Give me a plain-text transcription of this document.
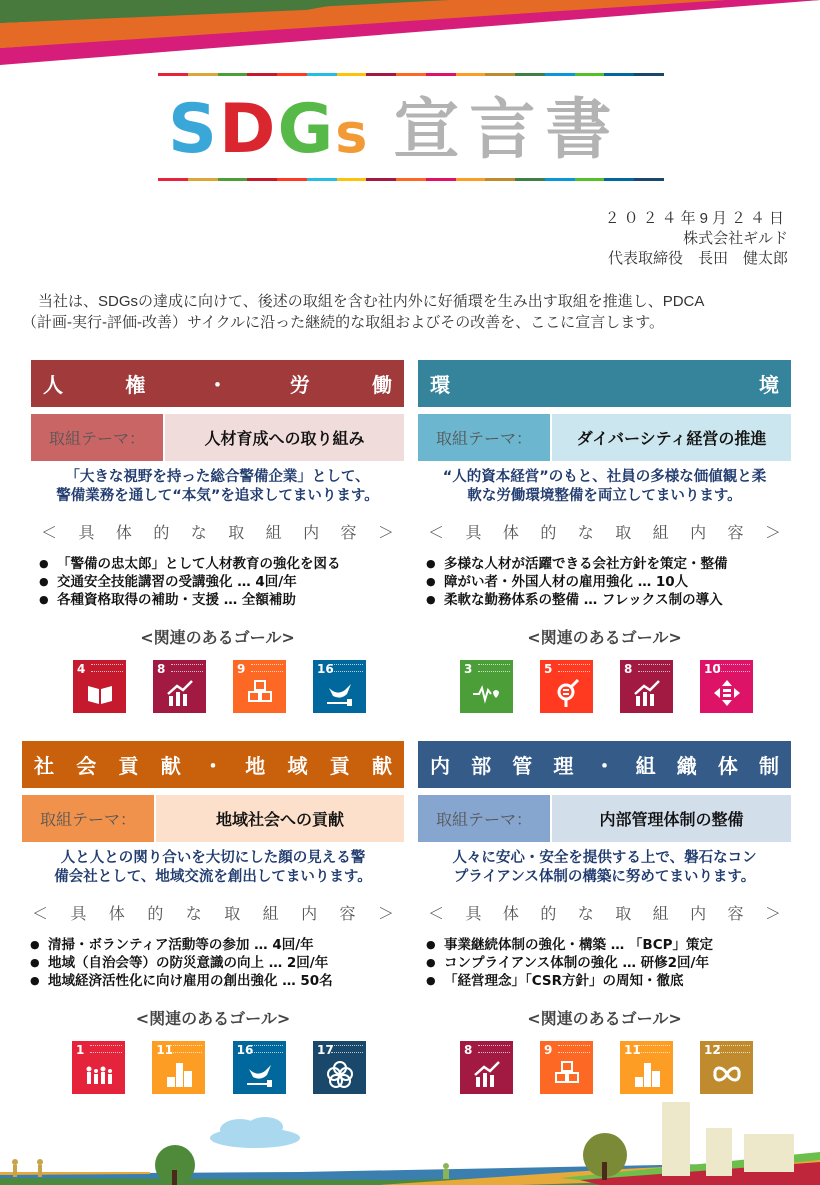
SDGs 宣言書
２０２４年9月２４日
株式会社ギルド
代表取締役　長田　健太郎

当社は、SDGsの達成に向けて、後述の取組を含む社内外に好循環を生み出す取組を推進し、PDCA

（計画-実行-評価-改善）サイクルに沿った継続的な取組およびその改善を、ここに宣言します。

人	権	・	労	働
取組テーマ：	人材育成への取り組み
「大きな視野を持った総合警備企業」として、
警備業務を通して“本気”を追求してまいります。
＜ 具 体 的 な 取 組 内 容 ＞
● 「警備の忠太郎」として人材教育の強化を図る
● 交通安全技能講習の受講強化 … 4回/年
● 各種資格取得の補助・支援 … 全額補助
<関連のあるゴール>
4	8	9	16
環	境
取組テーマ：	ダイバーシティ経営の推進
“人的資本経営”のもと、社員の多様な価値観と柔
軟な労働環境整備を両立してまいります。
＜ 具 体 的 な 取 組 内 容 ＞
● 多様な人材が活躍できる会社方針を策定・整備
● 障がい者・外国人材の雇用強化 … 10人
● 柔軟な勤務体系の整備 … フレックス制の導入
<関連のあるゴール>
3	5	8	10
社 会 貢 献 ・ 地 域 貢 献
取組テーマ：	地域社会への貢献
人と人との関り合いを大切にした顔の見える警
備会社として、地域交流を創出してまいります。
＜ 具 体 的 な 取 組 内 容 ＞
● 清掃・ボランティア活動等の参加 … 4回/年
● 地域（自治会等）の防災意識の向上 … 2回/年
● 地域経済活性化に向け雇用の創出強化 … 50名
<関連のあるゴール>
1	11	16	17
内 部 管 理 ・ 組 織 体 制
取組テーマ：	内部管理体制の整備
人々に安心・安全を提供する上で、磐石なコン
プライアンス体制の構築に努めてまいります。
＜ 具 体 的 な 取 組 内 容 ＞
● 事業継続体制の強化・構築 … 「BCP」策定
● コンプライアンス体制の強化 … 研修2回/年
● 「経営理念」「CSR方針」の周知・徹底
<関連のあるゴール>
8	9	11	12
